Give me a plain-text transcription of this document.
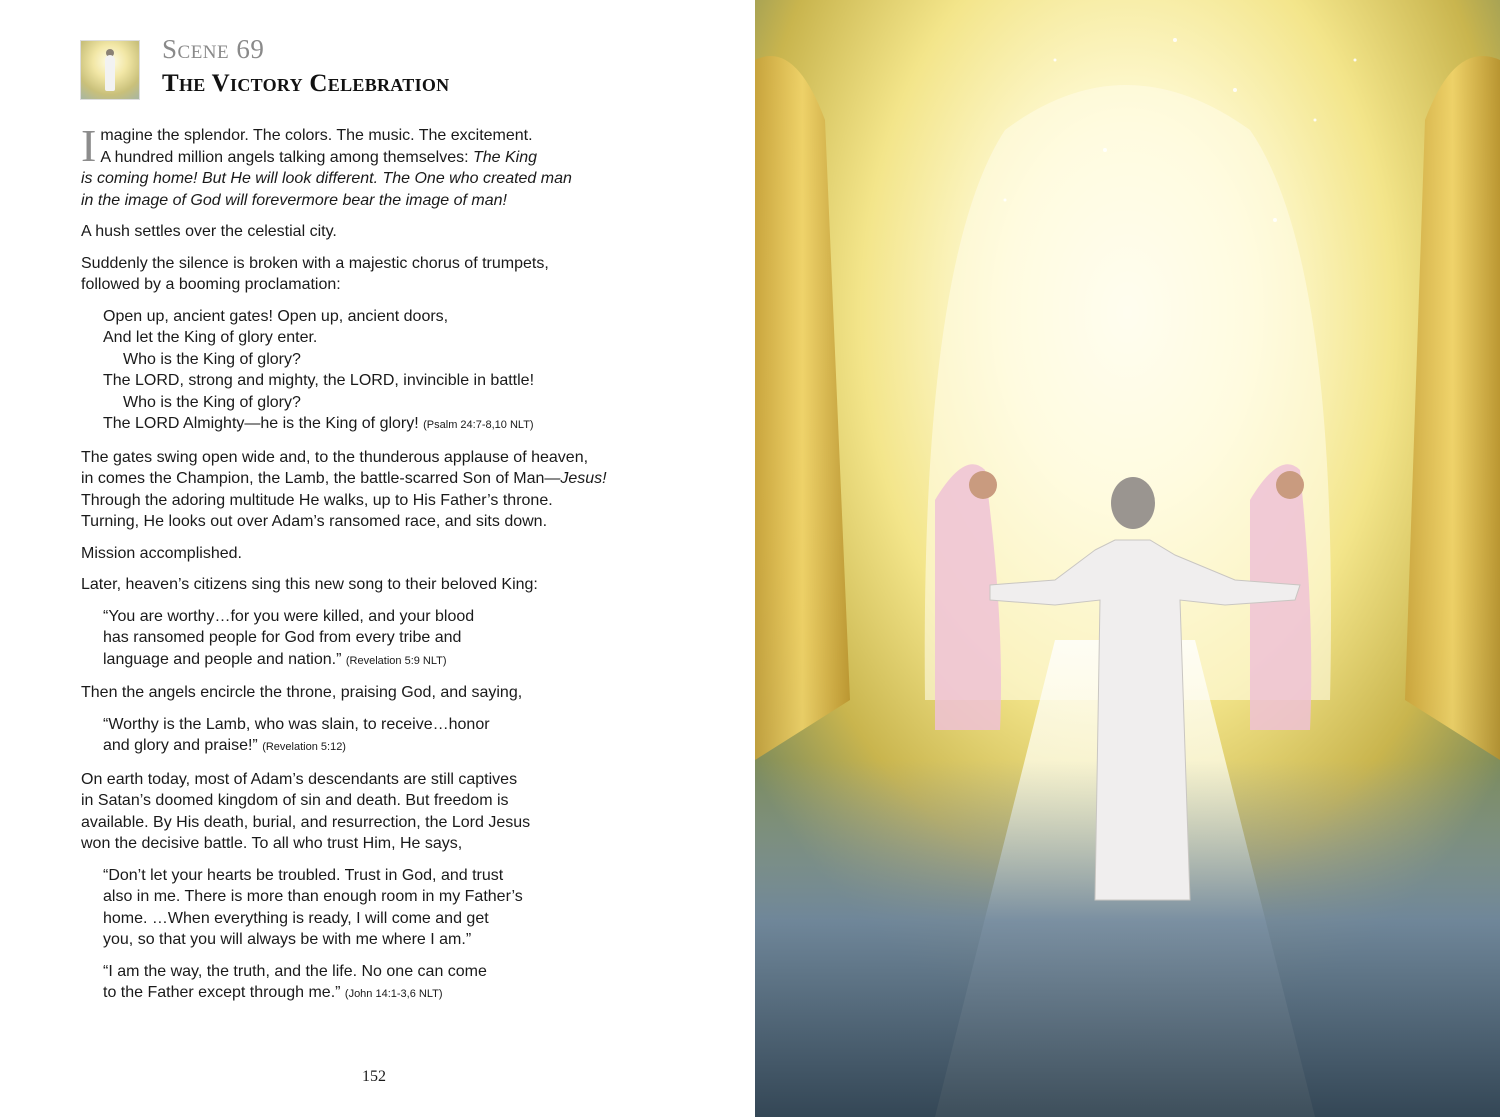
Scene 69
The Victory Celebration

I magine the splendor. The colors. The music. The excitement.
A hundred million angels talking among themselves: The King
is coming home! But He will look different. The One who created man
in the image of God will forevermore bear the image of man!

A hush settles over the celestial city.

Suddenly the silence is broken with a majestic chorus of trumpets,
followed by a booming proclamation:

Open up, ancient gates! Open up, ancient doors,
And let the King of glory enter.
Who is the King of glory?
The LORD, strong and mighty, the LORD, invincible in battle!
Who is the King of glory?
The LORD Almighty—he is the King of glory! (Psalm 24:7-8,10 NLT)

The gates swing open wide and, to the thunderous applause of heaven,
in comes the Champion, the Lamb, the battle-scarred Son of Man—Jesus!
Through the adoring multitude He walks, up to His Father’s throne.
Turning, He looks out over Adam’s ransomed race, and sits down.

Mission accomplished.

Later, heaven’s citizens sing this new song to their beloved King:

“You are worthy…for you were killed, and your blood
has ransomed people for God from every tribe and
language and people and nation.” (Revelation 5:9 NLT)

Then the angels encircle the throne, praising God, and saying,

“Worthy is the Lamb, who was slain, to receive…honor
and glory and praise!” (Revelation 5:12)

On earth today, most of Adam’s descendants are still captives
in Satan’s doomed kingdom of sin and death. But freedom is
available. By His death, burial, and resurrection, the Lord Jesus
won the decisive battle. To all who trust Him, He says,

“Don’t let your hearts be troubled. Trust in God, and trust
also in me. There is more than enough room in my Father’s
home. …When everything is ready, I will come and get
you, so that you will always be with me where I am.”
“I am the way, the truth, and the life. No one can come
to the Father except through me.” (John 14:1-3,6 NLT)
152
